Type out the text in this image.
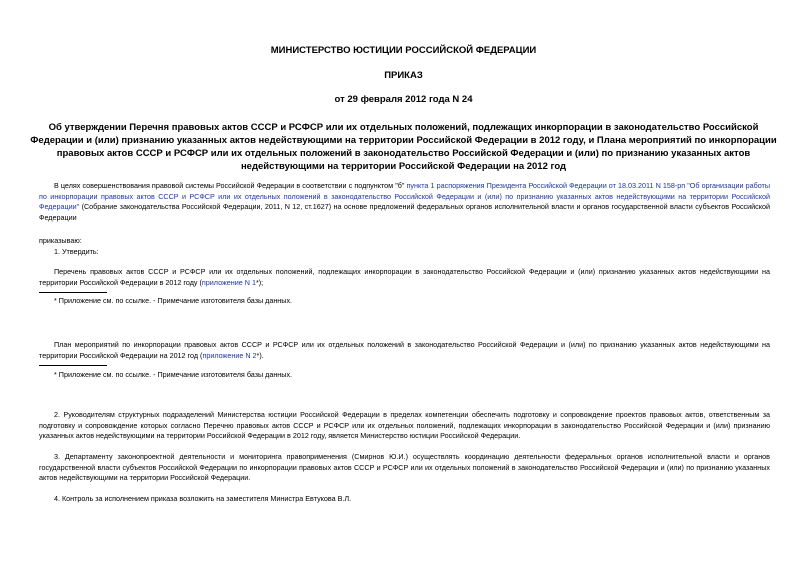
МИНИСТЕРСТВО ЮСТИЦИИ РОССИЙСКОЙ ФЕДЕРАЦИИ
ПРИКАЗ
от 29 февраля 2012 года N 24
Об утверждении Перечня правовых актов СССР и РСФСР или их отдельных положений, подлежащих инкорпорации в законодательство Российской Федерации и (или) признанию указанных актов недействующими на территории Российской Федерации в 2012 году, и Плана мероприятий по инкорпорации правовых актов СССР и РСФСР или их отдельных положений в законодательство Российской Федерации и (или) по признанию указанных актов недействующими на территории Российской Федерации на 2012 год
В целях совершенствования правовой системы Российской Федерации в соответствии с подпунктом "б" пункта 1 распоряжения Президента Российской Федерации от 18.03.2011 N 158-рп "Об организации работы по инкорпорации правовых актов СССР и РСФСР или их отдельных положений в законодательство Российской Федерации и (или) по признанию указанных актов недействующими на территории Российской Федерации" (Собрание законодательства Российской Федерации, 2011, N 12, ст.1627) на основе предложений федеральных органов исполнительной власти и органов государственной власти субъектов Российской Федерации
приказываю:
1. Утвердить:
Перечень правовых актов СССР и РСФСР или их отдельных положений, подлежащих инкорпорации в законодательство Российской Федерации и (или) признанию указанных актов недействующими на территории Российской Федерации в 2012 году (приложение N 1*);
* Приложение см. по ссылке. - Примечание изготовителя базы данных.
План мероприятий по инкорпорации правовых актов СССР и РСФСР или их отдельных положений в законодательство Российской Федерации и (или) по признанию указанных актов недействующими на территории Российской Федерации на 2012 год (приложение N 2*).
* Приложение см. по ссылке. - Примечание изготовителя базы данных.
2. Руководителям структурных подразделений Министерства юстиции Российской Федерации в пределах компетенции обеспечить подготовку и сопровождение проектов правовых актов, ответственным за подготовку и сопровождение которых согласно Перечню правовых актов СССР и РСФСР или их отдельных положений, подлежащих инкорпорации в законодательство Российской Федерации и (или) признанию указанных актов недействующими на территории Российской Федерации в 2012 году, является Министерство юстиции Российской Федерации.
3. Департаменту законопроектной деятельности и мониторинга правоприменения (Смирнов Ю.И.) осуществлять координацию деятельности федеральных органов исполнительной власти и органов государственной власти субъектов Российской Федерации по инкорпорации правовых актов СССР и РСФСР или их отдельных положений в законодательство Российской Федерации и (или) по признанию указанных актов недействующими на территории Российской Федерации.
4. Контроль за исполнением приказа возложить на заместителя Министра Евтукова В.Л.
